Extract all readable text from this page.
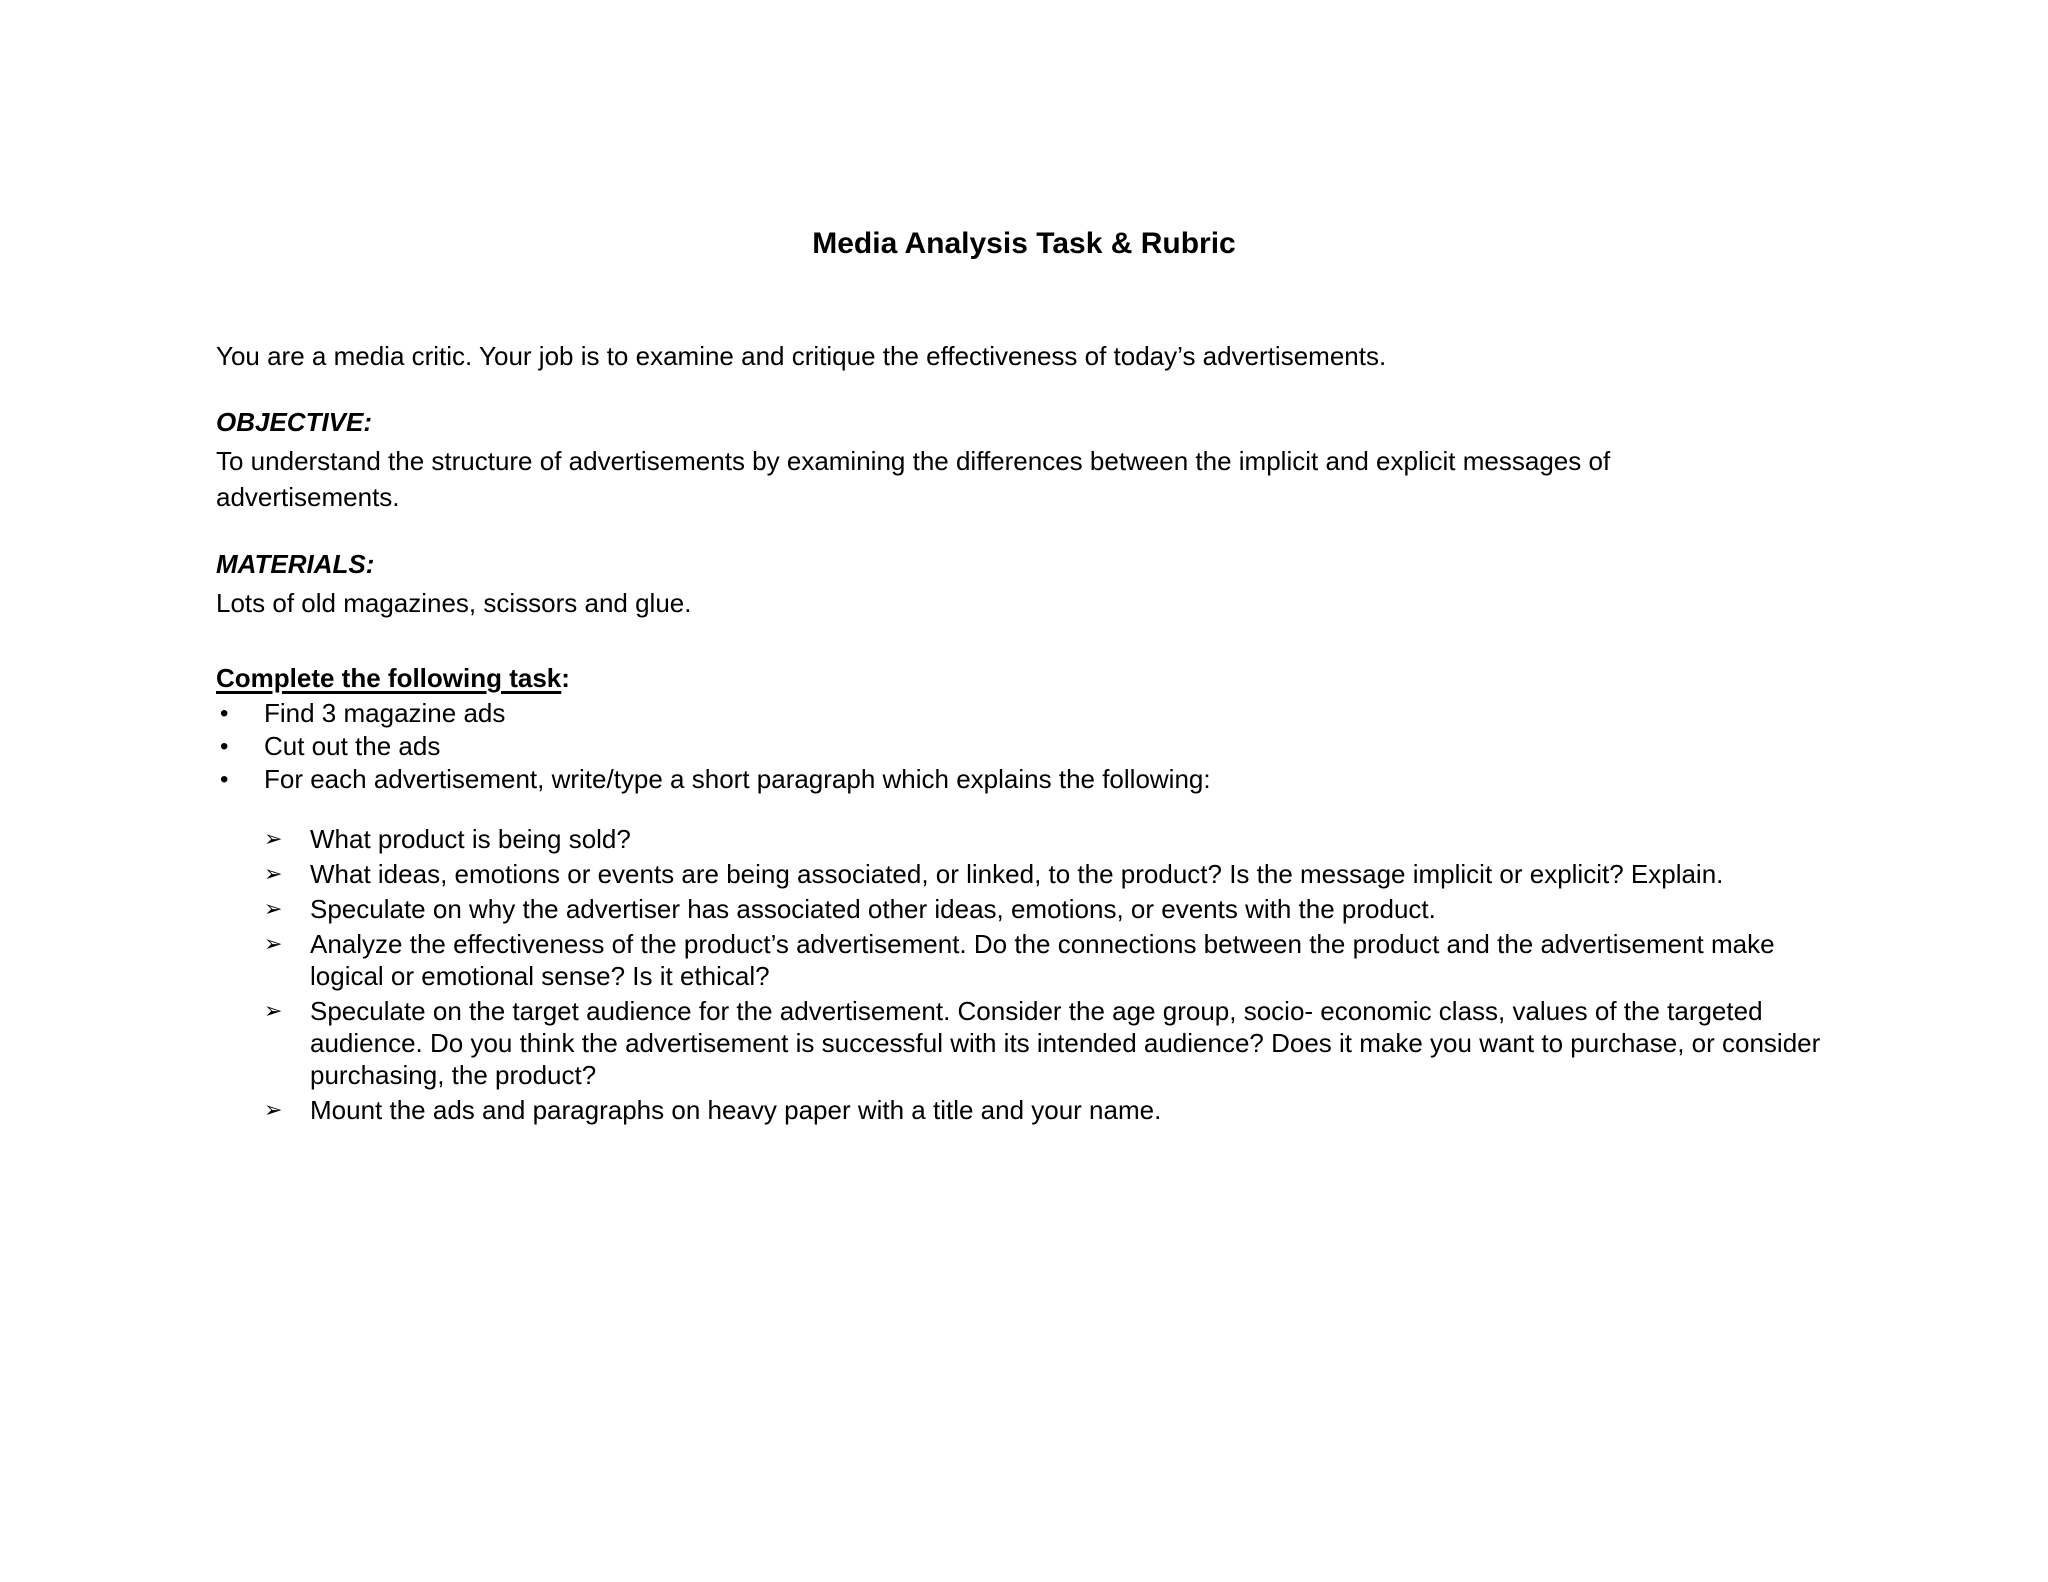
Media Analysis Task & Rubric

You are a media critic. Your job is to examine and critique the effectiveness of today’s advertisements.

OBJECTIVE:

To understand the structure of advertisements by examining the differences between the implicit and explicit messages of advertisements.

MATERIALS:

Lots of old magazines, scissors and glue.

Complete the following task:

• Find 3 magazine ads
• Cut out the ads
• For each advertisement, write/type a short paragraph which explains the following:
➢ What product is being sold?
➢ What ideas, emotions or events are being associated, or linked, to the product? Is the message implicit or explicit? Explain.
➢ Speculate on why the advertiser has associated other ideas, emotions, or events with the product.
➢ Analyze the effectiveness of the product’s advertisement. Do the connections between the product and the advertisement make logical or emotional sense? Is it ethical?
➢ Speculate on the target audience for the advertisement. Consider the age group, socio- economic class, values of the targeted audience. Do you think the advertisement is successful with its intended audience? Does it make you want to purchase, or consider purchasing, the product?
➢ Mount the ads and paragraphs on heavy paper with a title and your name.
